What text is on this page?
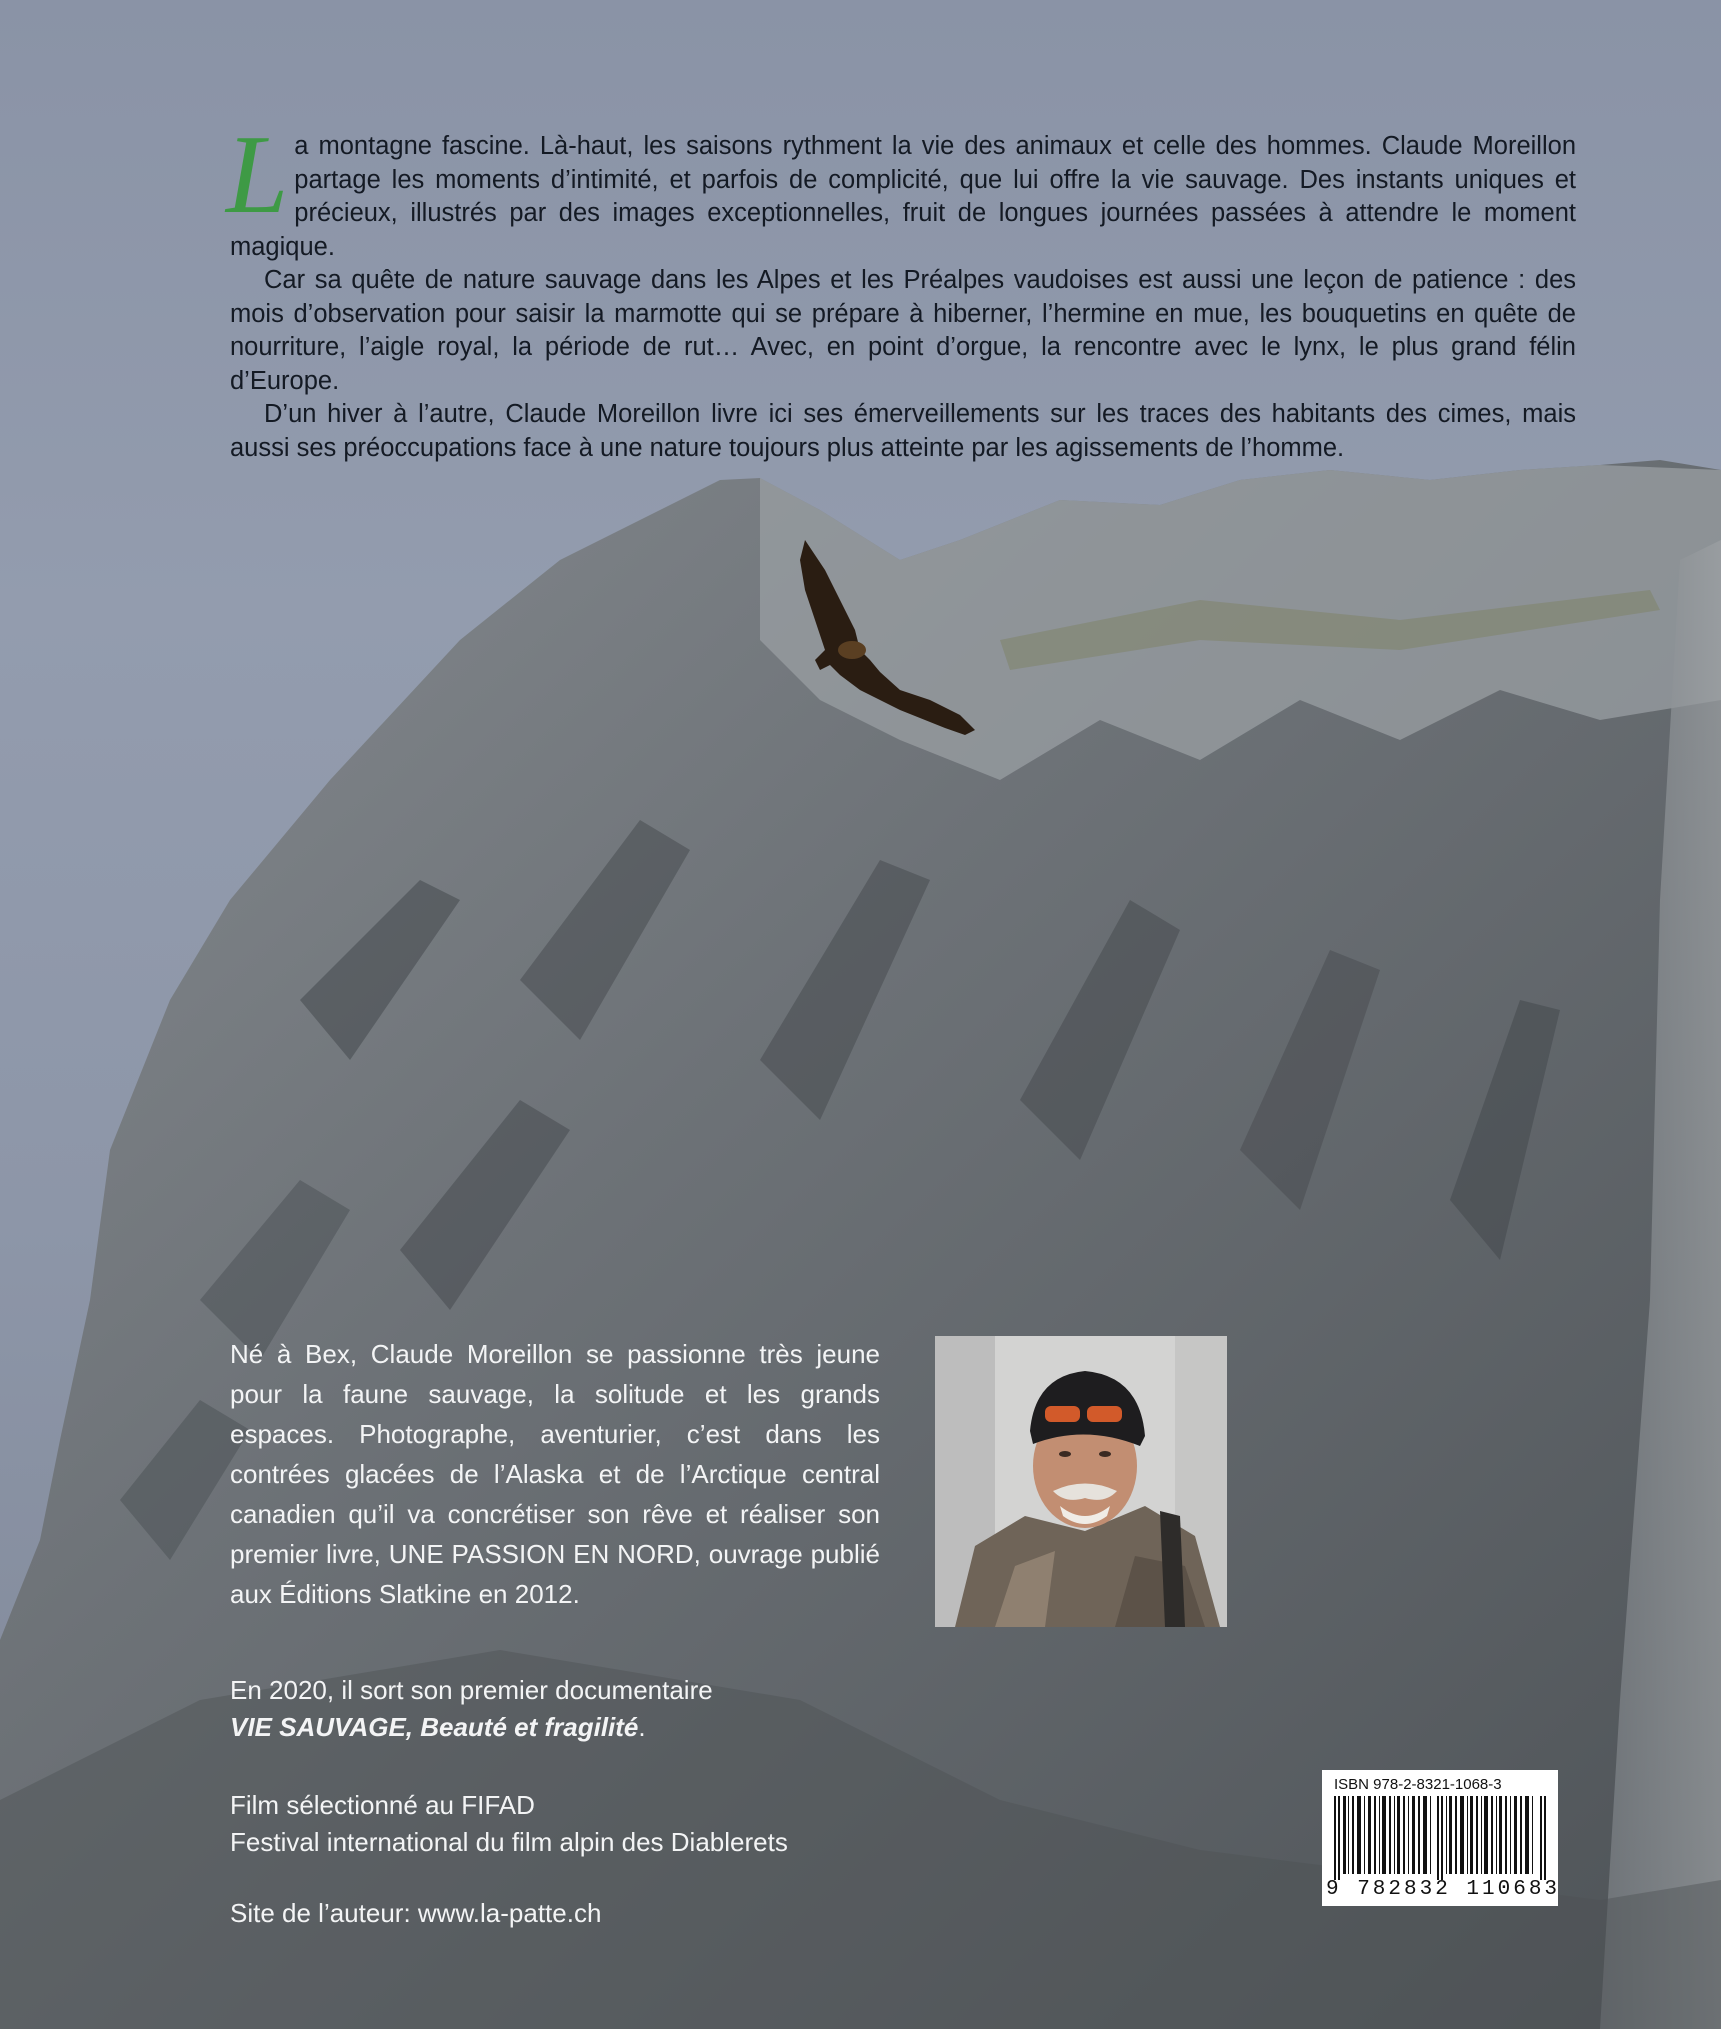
La montagne fascine. Là-haut, les saisons rythment la vie des animaux et celle des hommes. Claude Moreillon partage les moments d’intimité, et parfois de complicité, que lui offre la vie sauvage. Des instants uniques et précieux, illustrés par des images exceptionnelles, fruit de longues journées passées à attendre le moment magique.

Car sa quête de nature sauvage dans les Alpes et les Préalpes vaudoises est aussi une leçon de patience : des mois d’observation pour saisir la marmotte qui se prépare à hiberner, l’hermine en mue, les bouquetins en quête de nourriture, l’aigle royal, la période de rut… Avec, en point d’orgue, la rencontre avec le lynx, le plus grand félin d’Europe.

D’un hiver à l’autre, Claude Moreillon livre ici ses émerveillements sur les traces des habitants des cimes, mais aussi ses préoccupations face à une nature toujours plus atteinte par les agissements de l’homme.

Né à Bex, Claude Moreillon se passionne très jeune pour la faune sauvage, la solitude et les grands espaces. Photographe, aventurier, c’est dans les contrées glacées de l’Alaska et de l’Arctique central canadien qu’il va concrétiser son rêve et réaliser son premier livre, UNE PASSION EN NORD, ouvrage publié aux Éditions Slatkine en 2012.

En 2020, il sort son premier documentaire
VIE SAUVAGE, Beauté et fragilité.
Film sélectionné au FIFAD
Festival international du film alpin des Diablerets
Site de l’auteur: www.la-patte.ch
ISBN 978-2-8321-1068-3
9 782832 110683
